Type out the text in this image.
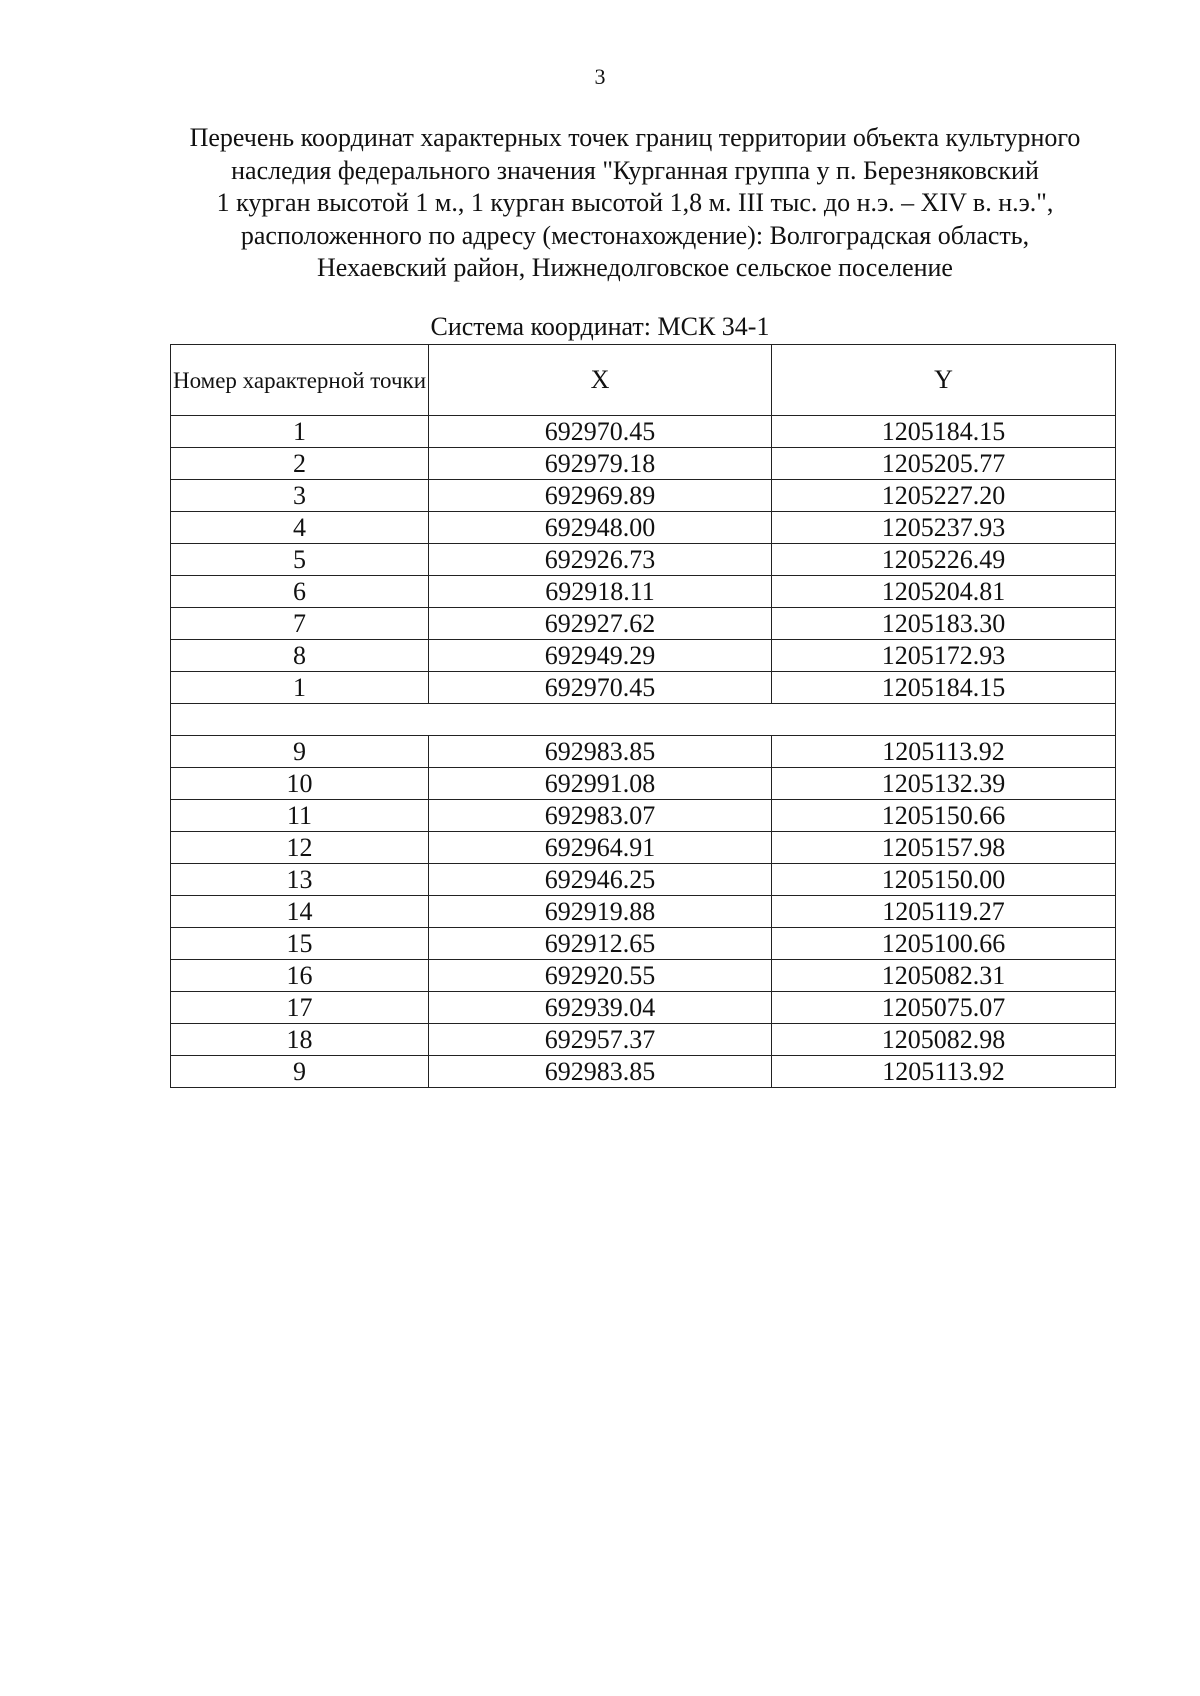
3
Перечень координат характерных точек границ территории объекта культурного
наследия федерального значения "Курганная группа у п. Березняковский
1 курган высотой 1 м., 1 курган высотой 1,8 м. III тыс. до н.э. – XIV в. н.э.",
расположенного по адресу (местонахождение): Волгоградская область,
Нехаевский район, Нижнедолговское сельское поселение
Система координат: МСК 34-1
Номер характерной точки	X	Y
1	692970.45	1205184.15
2	692979.18	1205205.77
3	692969.89	1205227.20
4	692948.00	1205237.93
5	692926.73	1205226.49
6	692918.11	1205204.81
7	692927.62	1205183.30
8	692949.29	1205172.93
1	692970.45	1205184.15

9	692983.85	1205113.92
10	692991.08	1205132.39
11	692983.07	1205150.66
12	692964.91	1205157.98
13	692946.25	1205150.00
14	692919.88	1205119.27
15	692912.65	1205100.66
16	692920.55	1205082.31
17	692939.04	1205075.07
18	692957.37	1205082.98
9	692983.85	1205113.92
